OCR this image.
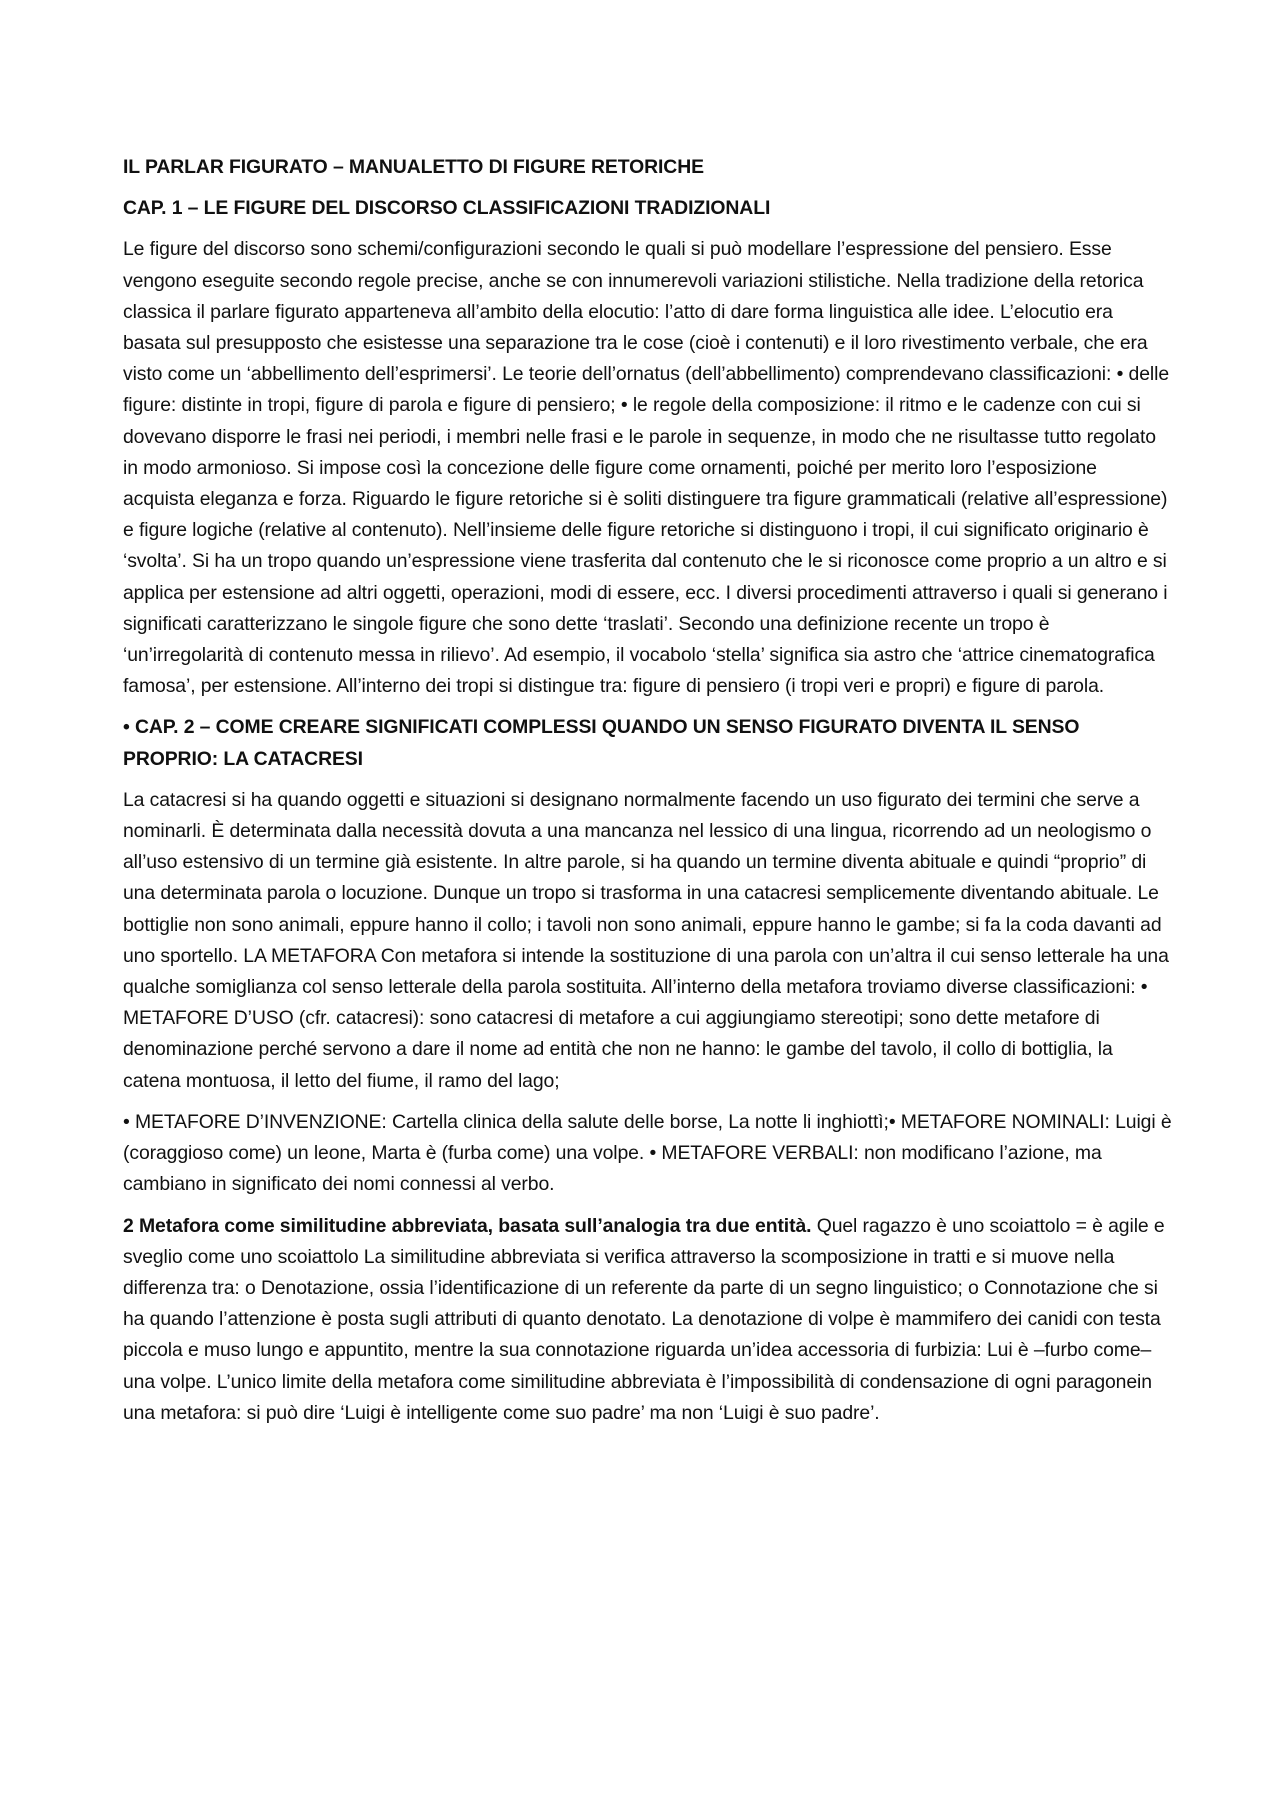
IL PARLAR FIGURATO – MANUALETTO DI FIGURE RETORICHE
CAP. 1 – LE FIGURE DEL DISCORSO CLASSIFICAZIONI TRADIZIONALI

Le figure del discorso sono schemi/configurazioni secondo le quali si può modellare l’espressione del pensiero. Esse vengono eseguite secondo regole precise, anche se con innumerevoli variazioni stilistiche. Nella tradizione della retorica classica il parlare figurato apparteneva all’ambito della elocutio: l’atto di dare forma linguistica alle idee. L’elocutio era basata sul presupposto che esistesse una separazione tra le cose (cioè i contenuti) e il loro rivestimento verbale, che era visto come un ‘abbellimento dell’esprimersi’. Le teorie dell’ornatus (dell’abbellimento) comprendevano classificazioni: • delle figure: distinte in tropi, figure di parola e figure di pensiero; • le regole della composizione: il ritmo e le cadenze con cui si dovevano disporre le frasi nei periodi, i membri nelle frasi e le parole in sequenze, in modo che ne risultasse tutto regolato in modo armonioso. Si impose così la concezione delle figure come ornamenti, poiché per merito loro l’esposizione acquista eleganza e forza. Riguardo le figure retoriche si è soliti distinguere tra figure grammaticali (relative all’espressione) e figure logiche (relative al contenuto). Nell’insieme delle figure retoriche si distinguono i tropi, il cui significato originario è ‘svolta’. Si ha un tropo quando un’espressione viene trasferita dal contenuto che le si riconosce come proprio a un altro e si applica per estensione ad altri oggetti, operazioni, modi di essere, ecc. I diversi procedimenti attraverso i quali si generano i significati caratterizzano le singole figure che sono dette ‘traslati’. Secondo una definizione recente un tropo è ‘un’irregolarità di contenuto messa in rilievo’. Ad esempio, il vocabolo ‘stella’ significa sia astro che ‘attrice cinematografica famosa’, per estensione. All’interno dei tropi si distingue tra: figure di pensiero (i tropi veri e propri) e figure di parola.

• CAP. 2 – COME CREARE SIGNIFICATI COMPLESSI QUANDO UN SENSO FIGURATO DIVENTA IL SENSO PROPRIO: LA CATACRESI

La catacresi si ha quando oggetti e situazioni si designano normalmente facendo un uso figurato dei termini che serve a nominarli. È determinata dalla necessità dovuta a una mancanza nel lessico di una lingua, ricorrendo ad un neologismo o all’uso estensivo di un termine già esistente. In altre parole, si ha quando un termine diventa abituale e quindi “proprio” di una determinata parola o locuzione. Dunque un tropo si trasforma in una catacresi semplicemente diventando abituale. Le bottiglie non sono animali, eppure hanno il collo; i tavoli non sono animali, eppure hanno le gambe; si fa la coda davanti ad uno sportello. LA METAFORA Con metafora si intende la sostituzione di una parola con un’altra il cui senso letterale ha una qualche somiglianza col senso letterale della parola sostituita. All’interno della metafora troviamo diverse classificazioni: • METAFORE D’USO (cfr. catacresi): sono catacresi di metafore a cui aggiungiamo stereotipi; sono dette metafore di denominazione perché servono a dare il nome ad entità che non ne hanno: le gambe del tavolo, il collo di bottiglia, la catena montuosa, il letto del fiume, il ramo del lago;

• METAFORE D’INVENZIONE: Cartella clinica della salute delle borse, La notte li inghiottì;• METAFORE NOMINALI: Luigi è (coraggioso come) un leone, Marta è (furba come) una volpe. • METAFORE VERBALI: non modificano l’azione, ma cambiano in significato dei nomi connessi al verbo.

2 Metafora come similitudine abbreviata, basata sull’analogia tra due entità. Quel ragazzo è uno scoiattolo = è agile e sveglio come uno scoiattolo La similitudine abbreviata si verifica attraverso la scomposizione in tratti e si muove nella differenza tra: o Denotazione, ossia l’identificazione di un referente da parte di un segno linguistico; o Connotazione che si ha quando l’attenzione è posta sugli attributi di quanto denotato. La denotazione di volpe è mammifero dei canidi con testa piccola e muso lungo e appuntito, mentre la sua connotazione riguarda un’idea accessoria di furbizia: Lui è –furbo come– una volpe. L’unico limite della metafora come similitudine abbreviata è l’impossibilità di condensazione di ogni paragonein una metafora: si può dire ‘Luigi è intelligente come suo padre’ ma non ‘Luigi è suo padre’.
